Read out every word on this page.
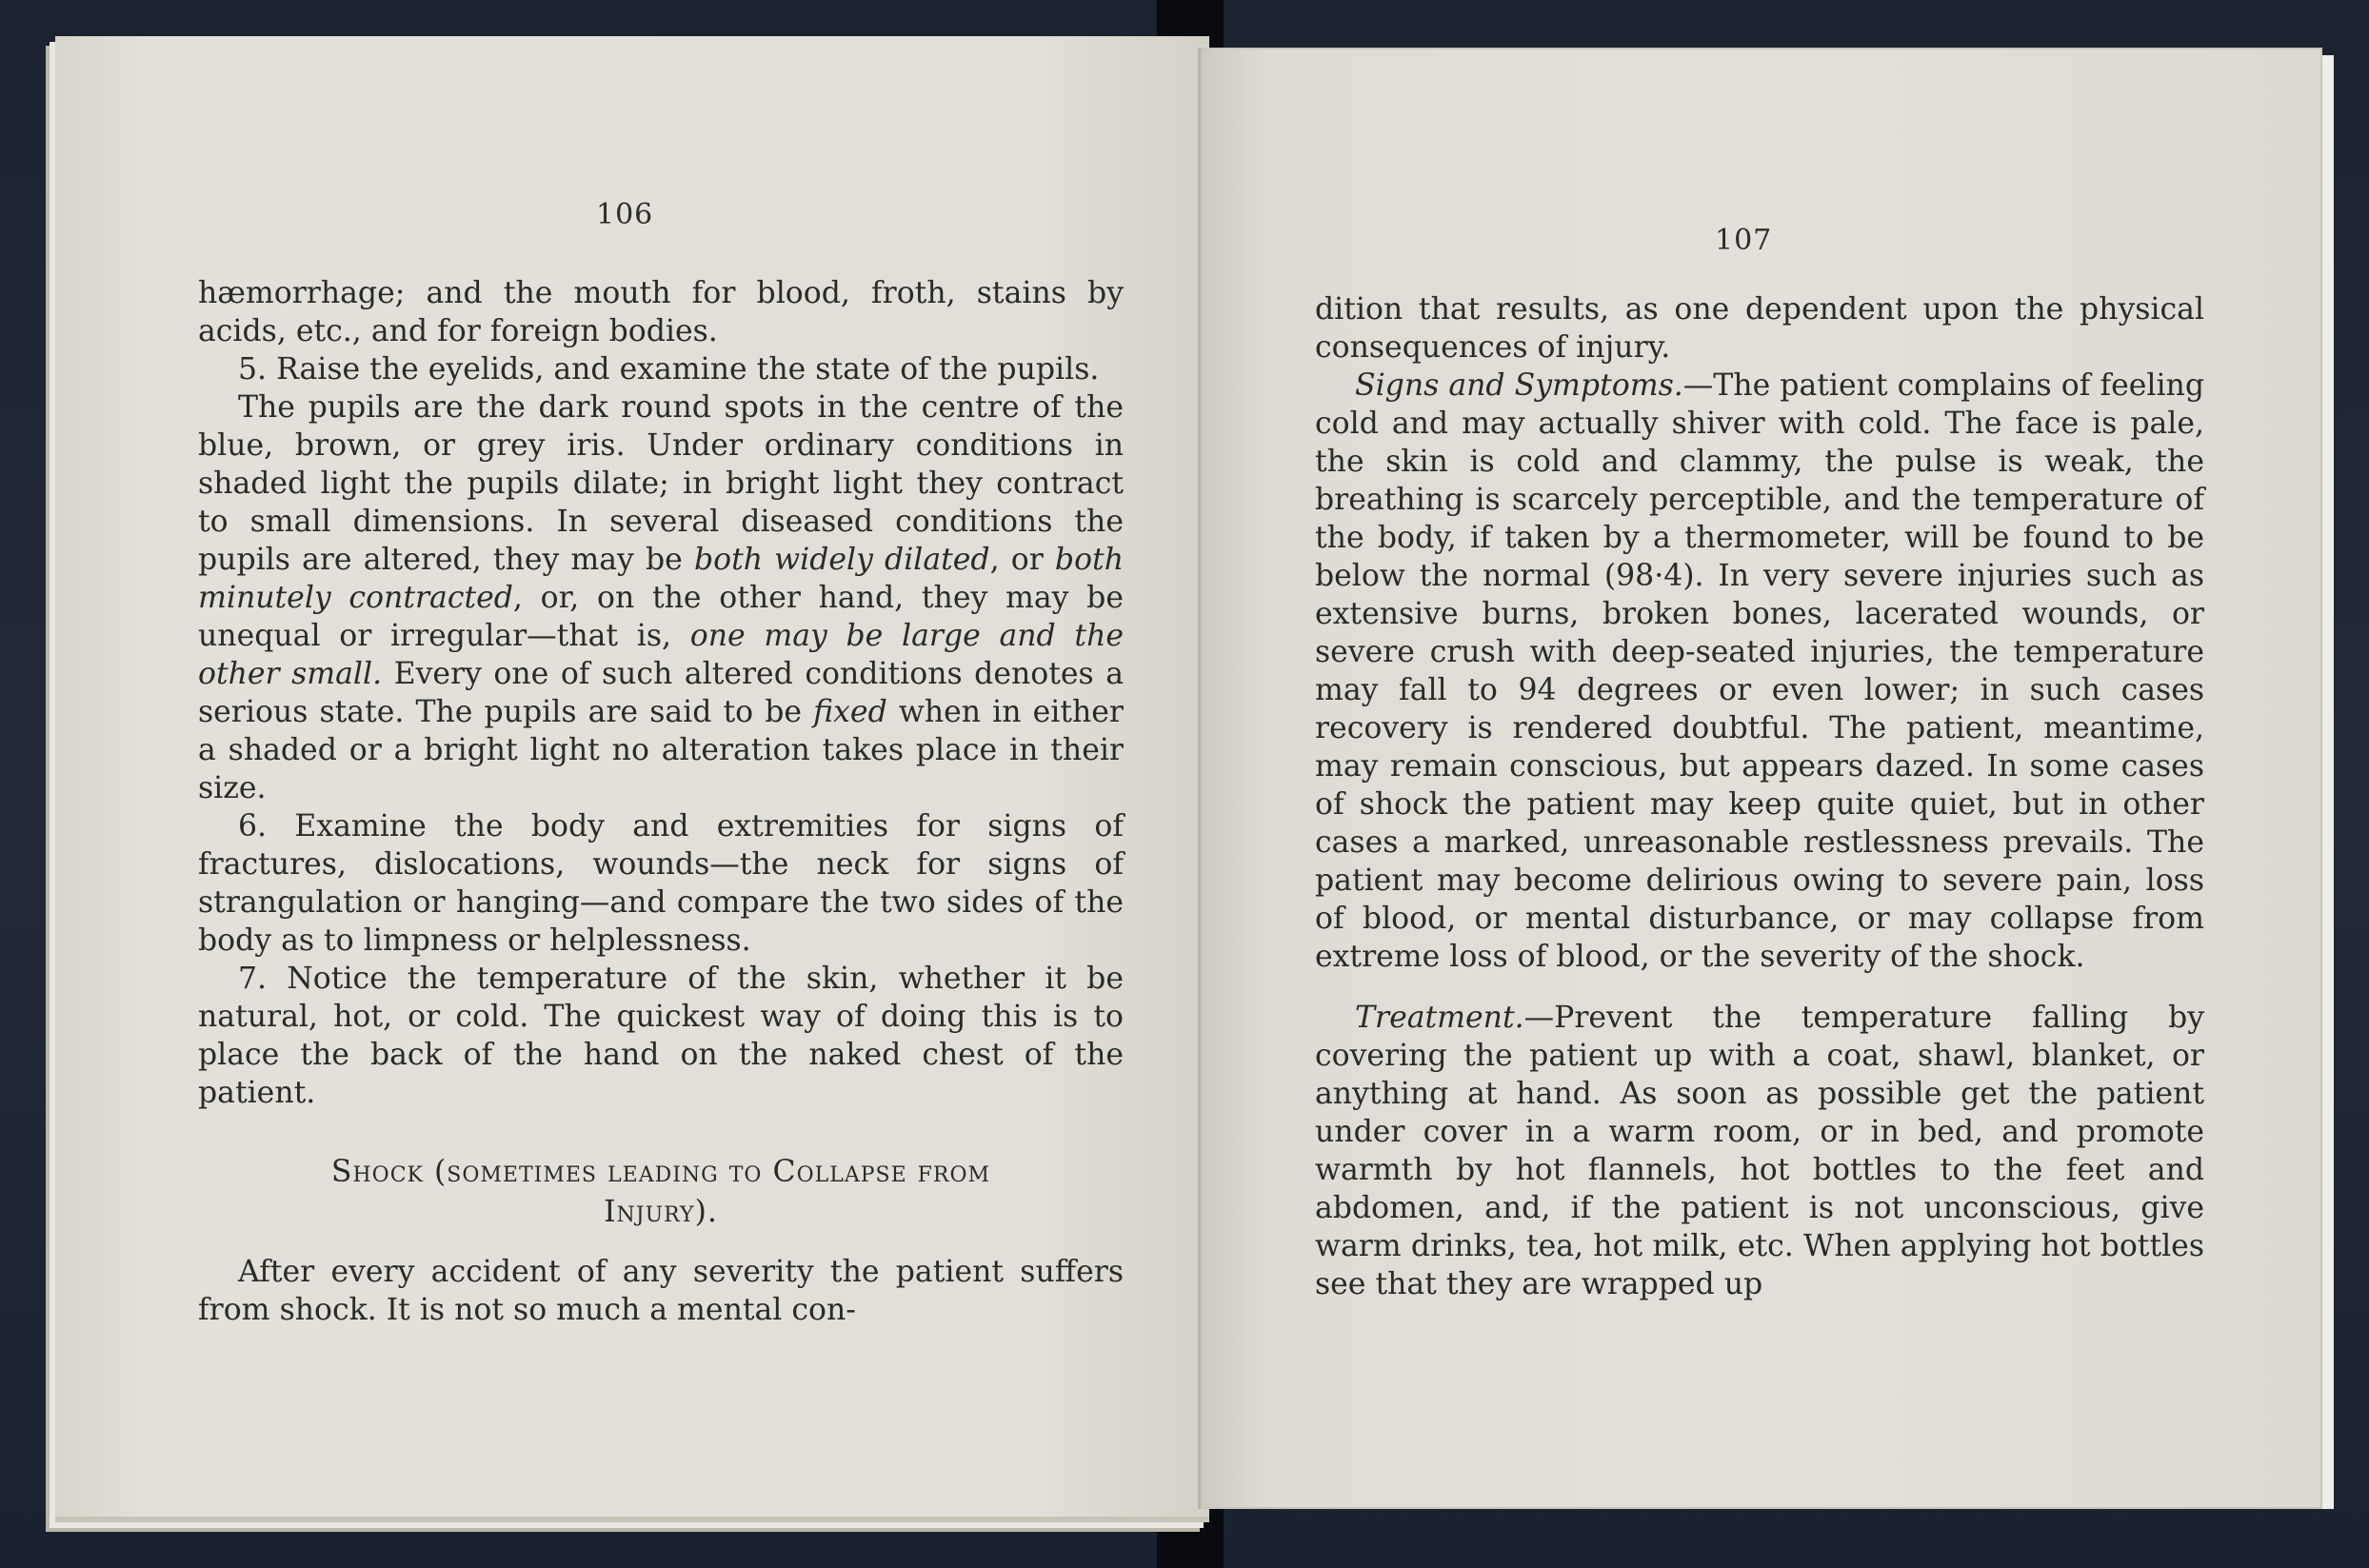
106

hæmorrhage; and the mouth for blood, froth, stains by acids, etc., and for foreign bodies.

5. Raise the eyelids, and examine the state of the pupils.

The pupils are the dark round spots in the centre of the blue, brown, or grey iris. Under ordinary conditions in shaded light the pupils dilate; in bright light they contract to small dimensions. In several diseased conditions the pupils are altered, they may be both widely dilated, or both minutely contracted, or, on the other hand, they may be unequal or irregular—that is, one may be large and the other small. Every one of such altered conditions denotes a serious state. The pupils are said to be fixed when in either a shaded or a bright light no alteration takes place in their size.

6. Examine the body and extremities for signs of fractures, dislocations, wounds—the neck for signs of strangulation or hanging—and compare the two sides of the body as to limpness or helplessness.

7. Notice the temperature of the skin, whether it be natural, hot, or cold. The quickest way of doing this is to place the back of the hand on the naked chest of the patient.

Shock (sometimes leading to Collapse from
Injury).

After every accident of any severity the patient suffers from shock. It is not so much a mental con-

107

dition that results, as one dependent upon the physical consequences of injury.

Signs and Symptoms.—The patient complains of feeling cold and may actually shiver with cold. The face is pale, the skin is cold and clammy, the pulse is weak, the breathing is scarcely perceptible, and the temperature of the body, if taken by a thermometer, will be found to be below the normal (98·4). In very severe injuries such as extensive burns, broken bones, lacerated wounds, or severe crush with deep-seated injuries, the temperature may fall to 94 degrees or even lower; in such cases recovery is rendered doubtful. The patient, meantime, may remain conscious, but appears dazed. In some cases of shock the patient may keep quite quiet, but in other cases a marked, unreasonable restlessness prevails. The patient may become delirious owing to severe pain, loss of blood, or mental disturbance, or may collapse from extreme loss of blood, or the severity of the shock.

Treatment.—Prevent the temperature falling by covering the patient up with a coat, shawl, blanket, or anything at hand. As soon as possible get the patient under cover in a warm room, or in bed, and promote warmth by hot flannels, hot bottles to the feet and abdomen, and, if the patient is not unconscious, give warm drinks, tea, hot milk, etc. When applying hot bottles see that they are wrapped up
